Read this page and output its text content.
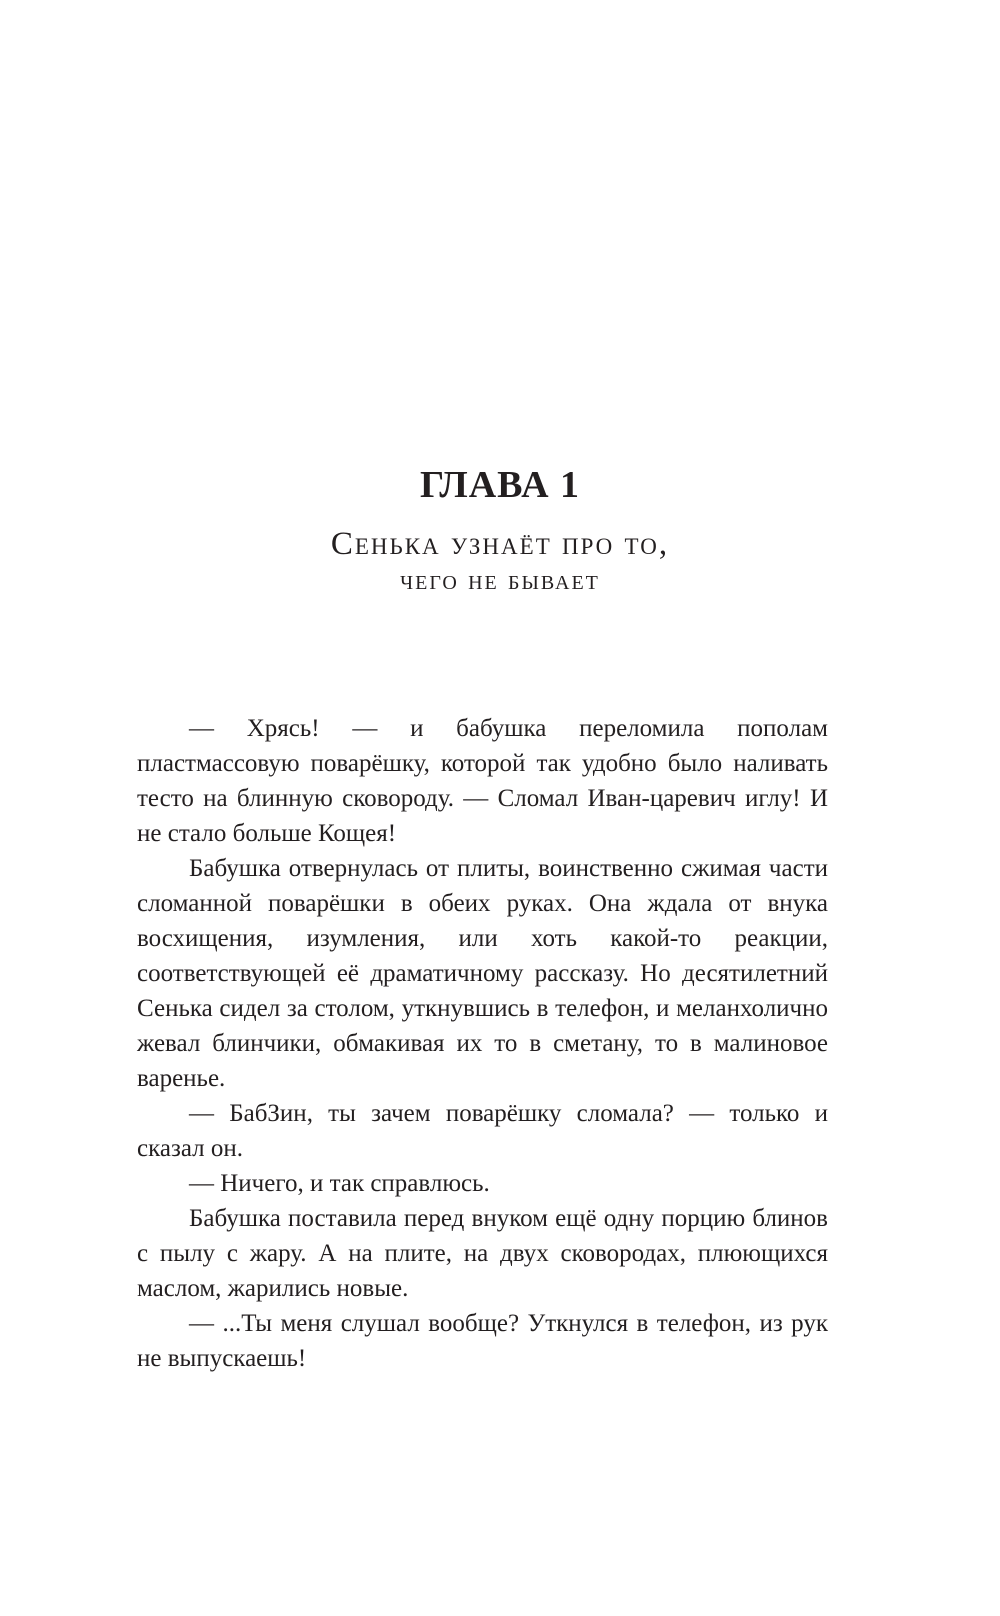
ГЛАВА 1
Сенька узнаёт про то,
чего не бывает

— Хрясь! — и бабушка переломила пополам пластмассовую поварёшку, которой так удобно было наливать тесто на блинную сковороду. — Сломал Иван-царевич иглу! И не стало больше Кощея!

Бабушка отвернулась от плиты, воинственно сжимая части сломанной поварёшки в обеих руках. Она ждала от внука восхищения, изумления, или хоть какой-то реакции, соответствующей её драматичному рассказу. Но десятилетний Сенька сидел за столом, уткнувшись в телефон, и меланхолично жевал блинчики, обмакивая их то в сметану, то в малиновое варенье.

— БабЗин, ты зачем поварёшку сломала? — только и сказал он.

— Ничего, и так справлюсь.

Бабушка поставила перед внуком ещё одну порцию блинов с пылу с жару. А на плите, на двух сковородах, плюющихся маслом, жарились новые.

— ...Ты меня слушал вообще? Уткнулся в телефон, из рук не выпускаешь!
